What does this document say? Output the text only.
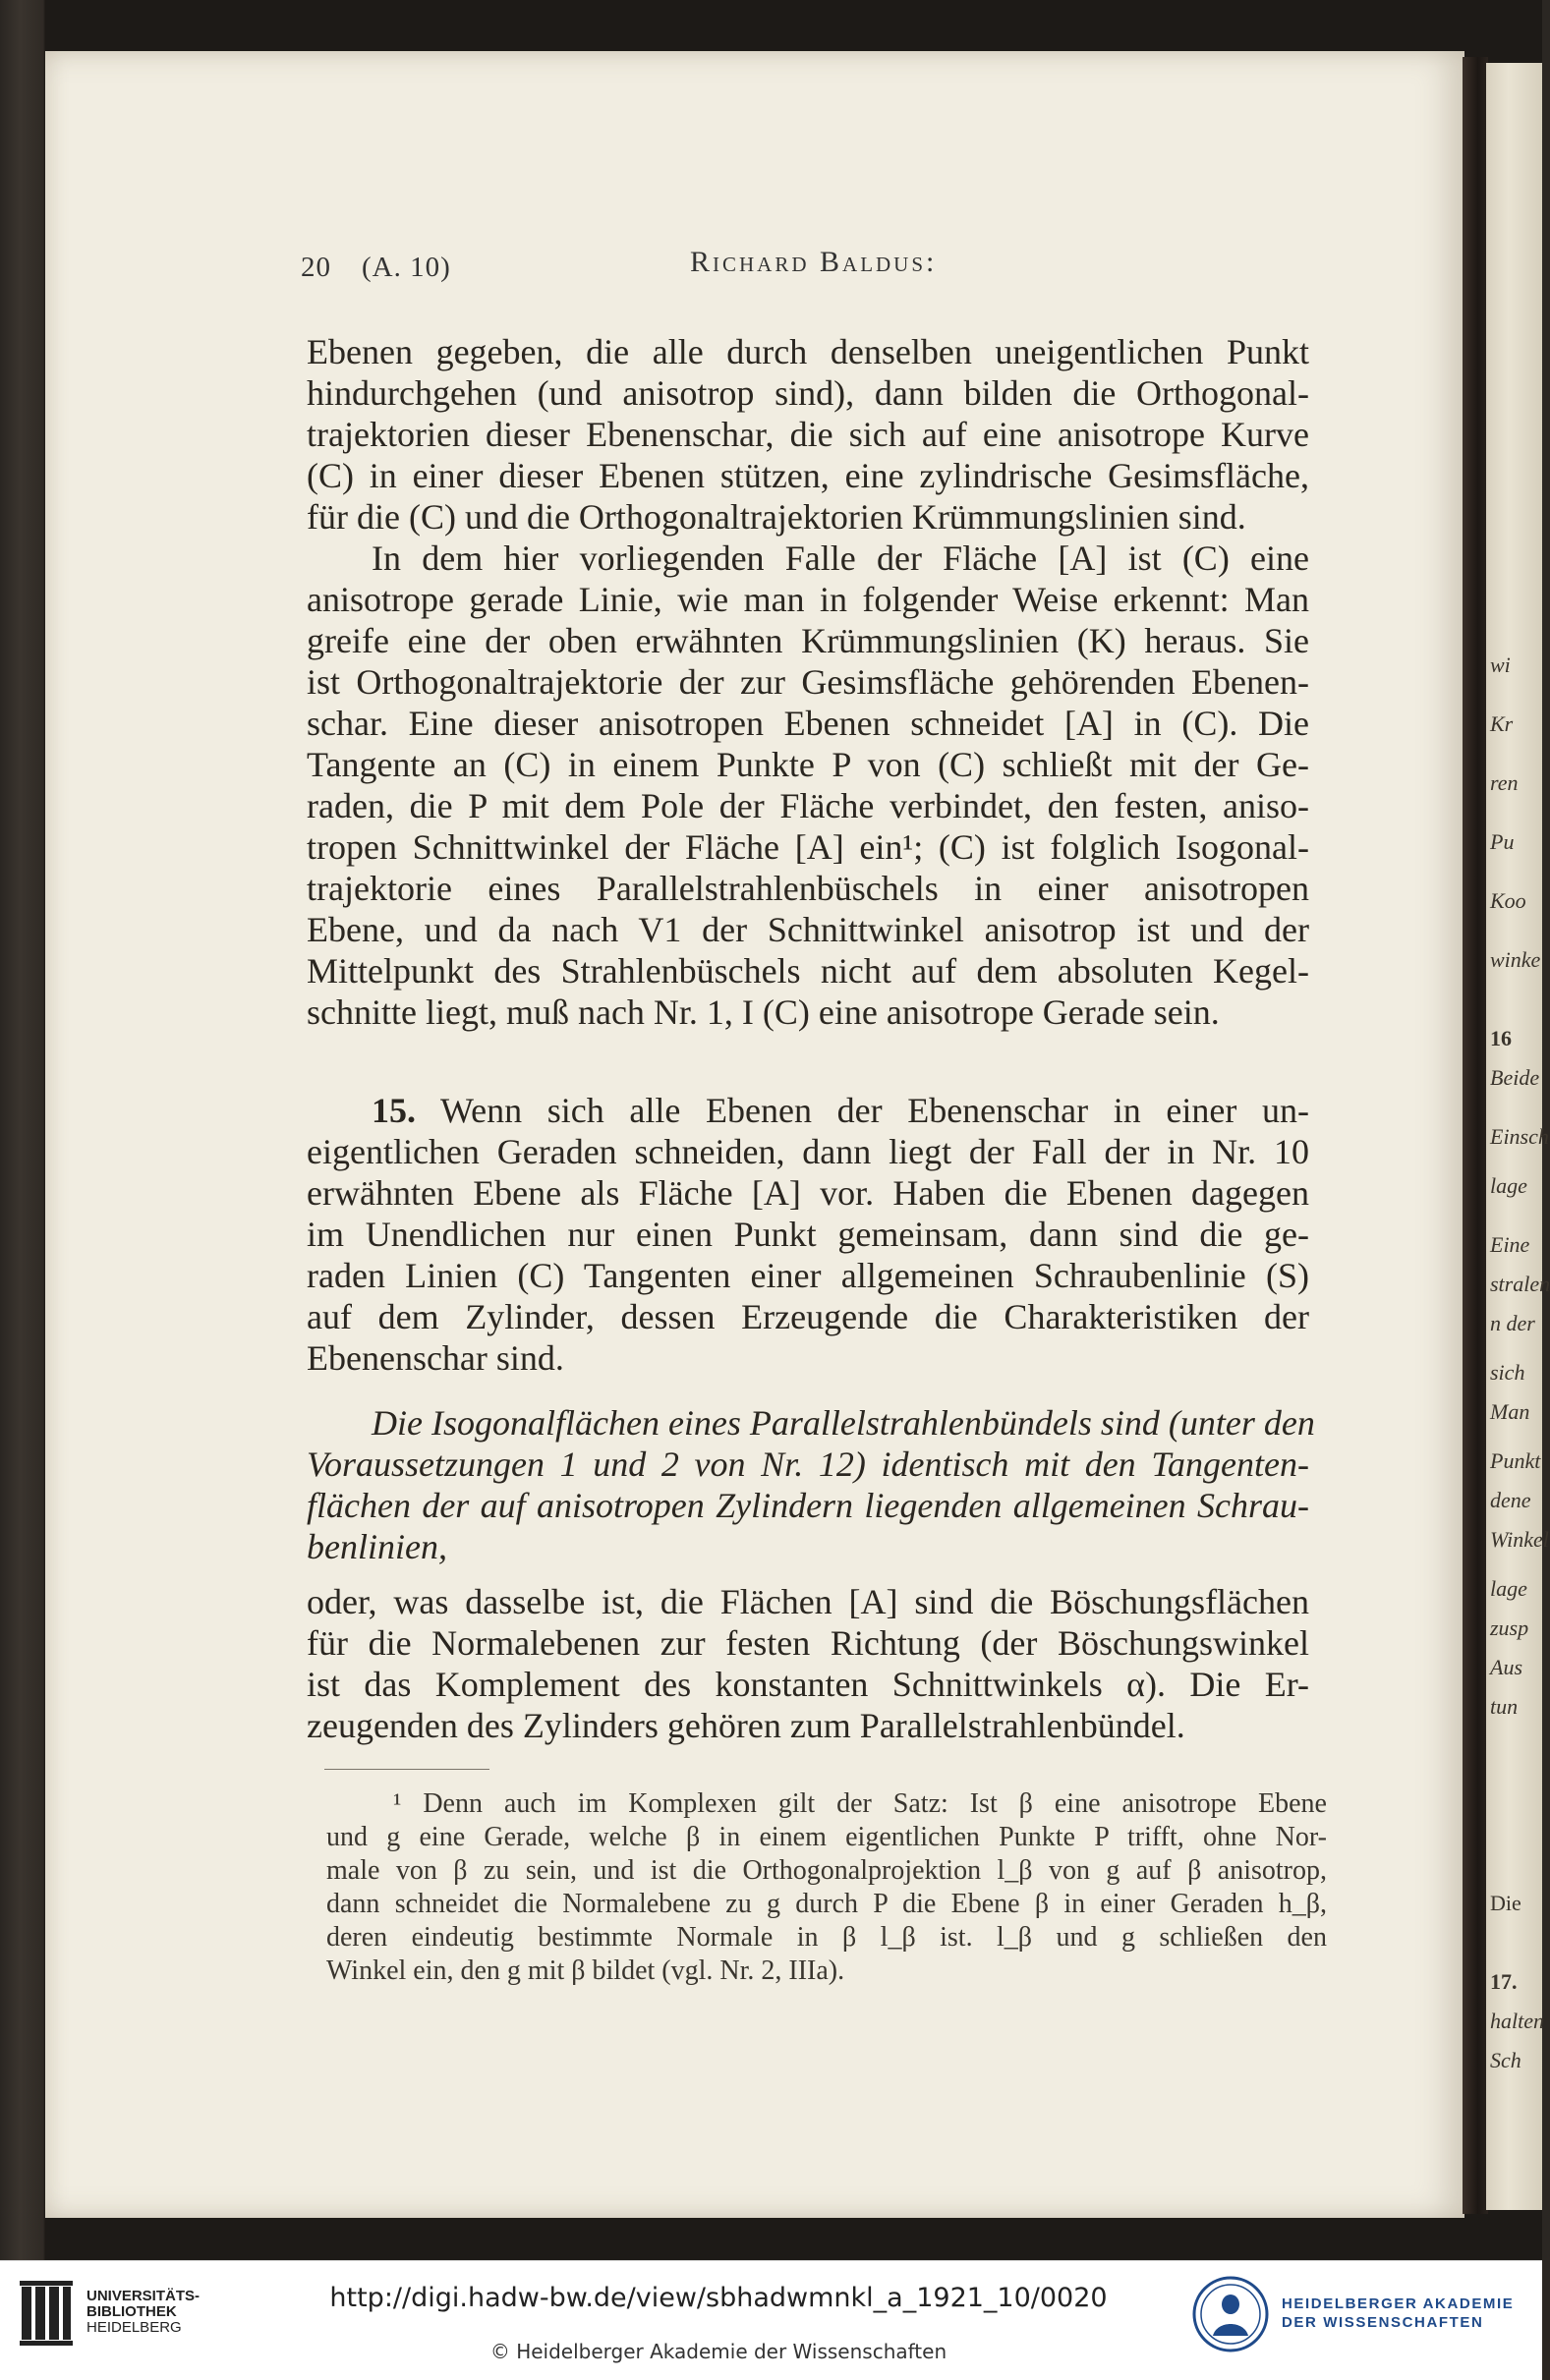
wi
Kr
ren
Pu
Koo
winke
16
Beide
Einsch
lage
Eine
stralen
n der
sich
Man
Punkt
dene
Winkel
lage
zusp
Aus
tun
Die
17.
halten
Sch
20 (A. 10)	Richard Baldus:
Ebenen gegeben, die alle durch denselben uneigentlichen Punkt
hindurchgehen (und anisotrop sind), dann bilden die Orthogonal-
trajektorien dieser Ebenenschar, die sich auf eine anisotrope Kurve
(C) in einer dieser Ebenen stützen, eine zylindrische Gesimsfläche,
für die (C) und die Orthogonaltrajektorien Krümmungslinien sind.
In dem hier vorliegenden Falle der Fläche [A] ist (C) eine
anisotrope gerade Linie, wie man in folgender Weise erkennt: Man
greife eine der oben erwähnten Krümmungslinien (K) heraus. Sie
ist Orthogonaltrajektorie der zur Gesimsfläche gehörenden Ebenen-
schar. Eine dieser anisotropen Ebenen schneidet [A] in (C). Die
Tangente an (C) in einem Punkte P von (C) schließt mit der Ge-
raden, die P mit dem Pole der Fläche verbindet, den festen, aniso-
tropen Schnittwinkel der Fläche [A] ein¹; (C) ist folglich Isogonal-
trajektorie eines Parallelstrahlenbüschels in einer anisotropen
Ebene, und da nach V1 der Schnittwinkel anisotrop ist und der
Mittelpunkt des Strahlenbüschels nicht auf dem absoluten Kegel-
schnitte liegt, muß nach Nr. 1, I (C) eine anisotrope Gerade sein.
15. Wenn sich alle Ebenen der Ebenenschar in einer un-
eigentlichen Geraden schneiden, dann liegt der Fall der in Nr. 10
erwähnten Ebene als Fläche [A] vor. Haben die Ebenen dagegen
im Unendlichen nur einen Punkt gemeinsam, dann sind die ge-
raden Linien (C) Tangenten einer allgemeinen Schraubenlinie (S)
auf dem Zylinder, dessen Erzeugende die Charakteristiken der
Ebenenschar sind.
Die Isogonalflächen eines Parallelstrahlenbündels sind (unter den
Voraussetzungen 1 und 2 von Nr. 12) identisch mit den Tangenten-
flächen der auf anisotropen Zylindern liegenden allgemeinen Schrau-
benlinien,
oder, was dasselbe ist, die Flächen [A] sind die Böschungsflächen
für die Normalebenen zur festen Richtung (der Böschungswinkel
ist das Komplement des konstanten Schnittwinkels α). Die Er-
zeugenden des Zylinders gehören zum Parallelstrahlenbündel.
¹ Denn auch im Komplexen gilt der Satz: Ist β eine anisotrope Ebene
und g eine Gerade, welche β in einem eigentlichen Punkte P trifft, ohne Nor-
male von β zu sein, und ist die Orthogonalprojektion l_β von g auf β anisotrop,
dann schneidet die Normalebene zu g durch P die Ebene β in einer Geraden h_β,
deren eindeutig bestimmte Normale in β l_β ist. l_β und g schließen den
Winkel ein, den g mit β bildet (vgl. Nr. 2, IIIa).
UNIVERSITÄTS-
BIBLIOTHEK
HEIDELBERG
http://digi.hadw-bw.de/view/sbhadwmnkl_a_1921_10/0020
© Heidelberger Akademie der Wissenschaften
HEIDELBERGER AKADEMIE
DER WISSENSCHAFTEN
